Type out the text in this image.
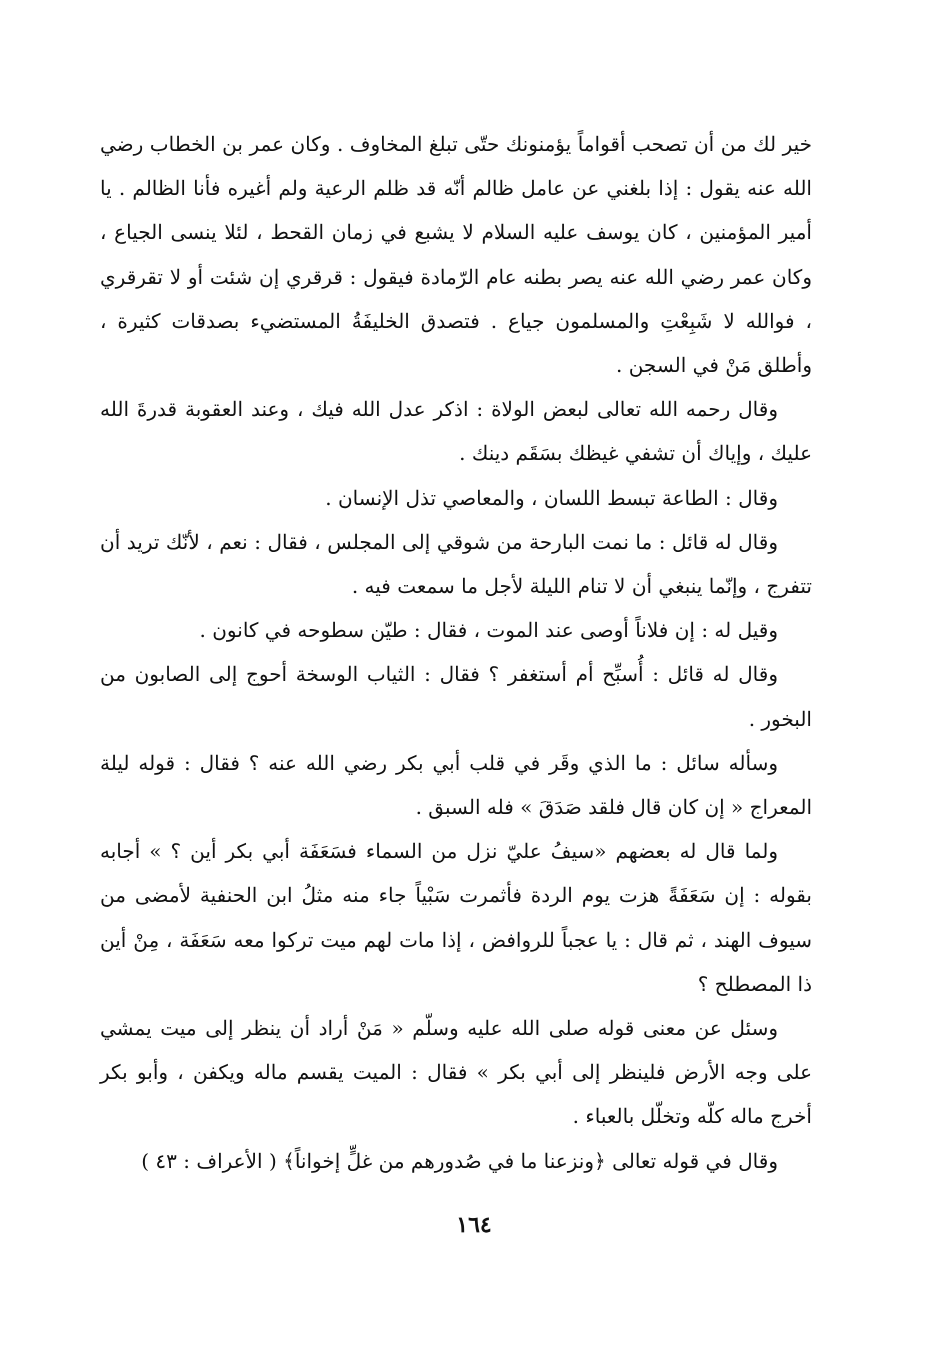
خير لك من أن تصحب أقواماً يؤمنونك حتّى تبلغ المخاوف . وكان عمر بن الخطاب رضي الله عنه يقول : إذا بلغني عن عامل ظالم أنّه قد ظلم الرعية ولم أغيره فأنا الظالم . يا أمير المؤمنين ، كان يوسف عليه السلام لا يشبع في زمان القحط ، لئلا ينسى الجياع ، وكان عمر رضي الله عنه يصر بطنه عام الرّمادة فيقول : قرقري إن شئت أو لا تقرقري ، فوالله لا شَبِعْتِ والمسلمون جياع . فتصدق الخليفَةُ المستضيء بصدقات كثيرة ، وأطلق مَنْ في السجن .

وقال رحمه الله تعالى لبعض الولاة : اذكر عدل الله فيك ، وعند العقوبة قدرةَ الله عليك ، وإياك أن تشفي غيظك بسَقَم دينك .

وقال : الطاعة تبسط اللسان ، والمعاصي تذل الإنسان .

وقال له قائل : ما نمت البارحة من شوقي إلى المجلس ، فقال : نعم ، لأنّك تريد أن تتفرج ، وإنّما ينبغي أن لا تنام الليلة لأجل ما سمعت فيه .

وقيل له : إن فلاناً أوصى عند الموت ، فقال : طيّن سطوحه في كانون .

وقال له قائل : أُسبِّح أم أستغفر ؟ فقال : الثياب الوسخة أحوج إلى الصابون من البخور .

وسأله سائل : ما الذي وقَر في قلب أبي بكر رضي الله عنه ؟ فقال : قوله ليلة المعراج « إن كان قال فلقد صَدَقَ » فله السبق .

ولما قال له بعضهم «سيفُ عليّ نزل من السماء فسَعَفَة أبي بكر أين ؟ » أجابه بقوله : إن سَعَفَةً هزت يوم الردة فأثمرت سَبْياً جاء منه مثلُ ابن الحنفية لأمضى من سيوف الهند ، ثم قال : يا عجباً للروافض ، إذا مات لهم ميت تركوا معه سَعَفَة ، مِنْ أين ذا المصطلح ؟

وسئل عن معنى قوله صلى الله عليه وسلّم « مَنْ أراد أن ينظر إلى ميت يمشي على وجه الأرض فلينظر إلى أبي بكر » فقال : الميت يقسم ماله ويكفن ، وأبو بكر أخرج ماله كلّه وتخلّل بالعباء .

وقال في قوله تعالى ﴿ونزعنا ما في صُدورهم من غلٍّ إخواناً﴾ ( الأعراف : ٤٣ )

١٦٤
